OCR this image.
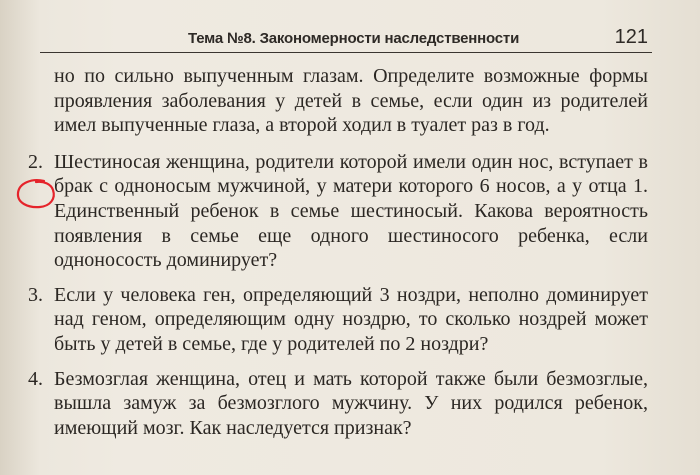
Тема №8. Закономерности наследственности	121

но по сильно выпученным глазам. Определите возможные формы проявления заболевания у детей в семье, если один из родителей имел выпученные глаза, а второй ходил в туалет раз в год.

2. Шестиносая женщина, родители которой имели один нос, вступает в брак с одноносым мужчиной, у матери которого 6 носов, а у отца 1. Единственный ребенок в семье шестиносый. Какова вероятность появления в семье еще одного шестиносого ребенка, если одноносость доминирует?
3. Если у человека ген, определяющий 3 ноздри, неполно доминирует над геном, определяющим одну ноздрю, то сколько ноздрей может быть у детей в семье, где у родителей по 2 ноздри?
4. Безмозглая женщина, отец и мать которой также были безмозглые, вышла замуж за безмозглого мужчину. У них родился ребенок, имеющий мозг. Как наследуется признак?
